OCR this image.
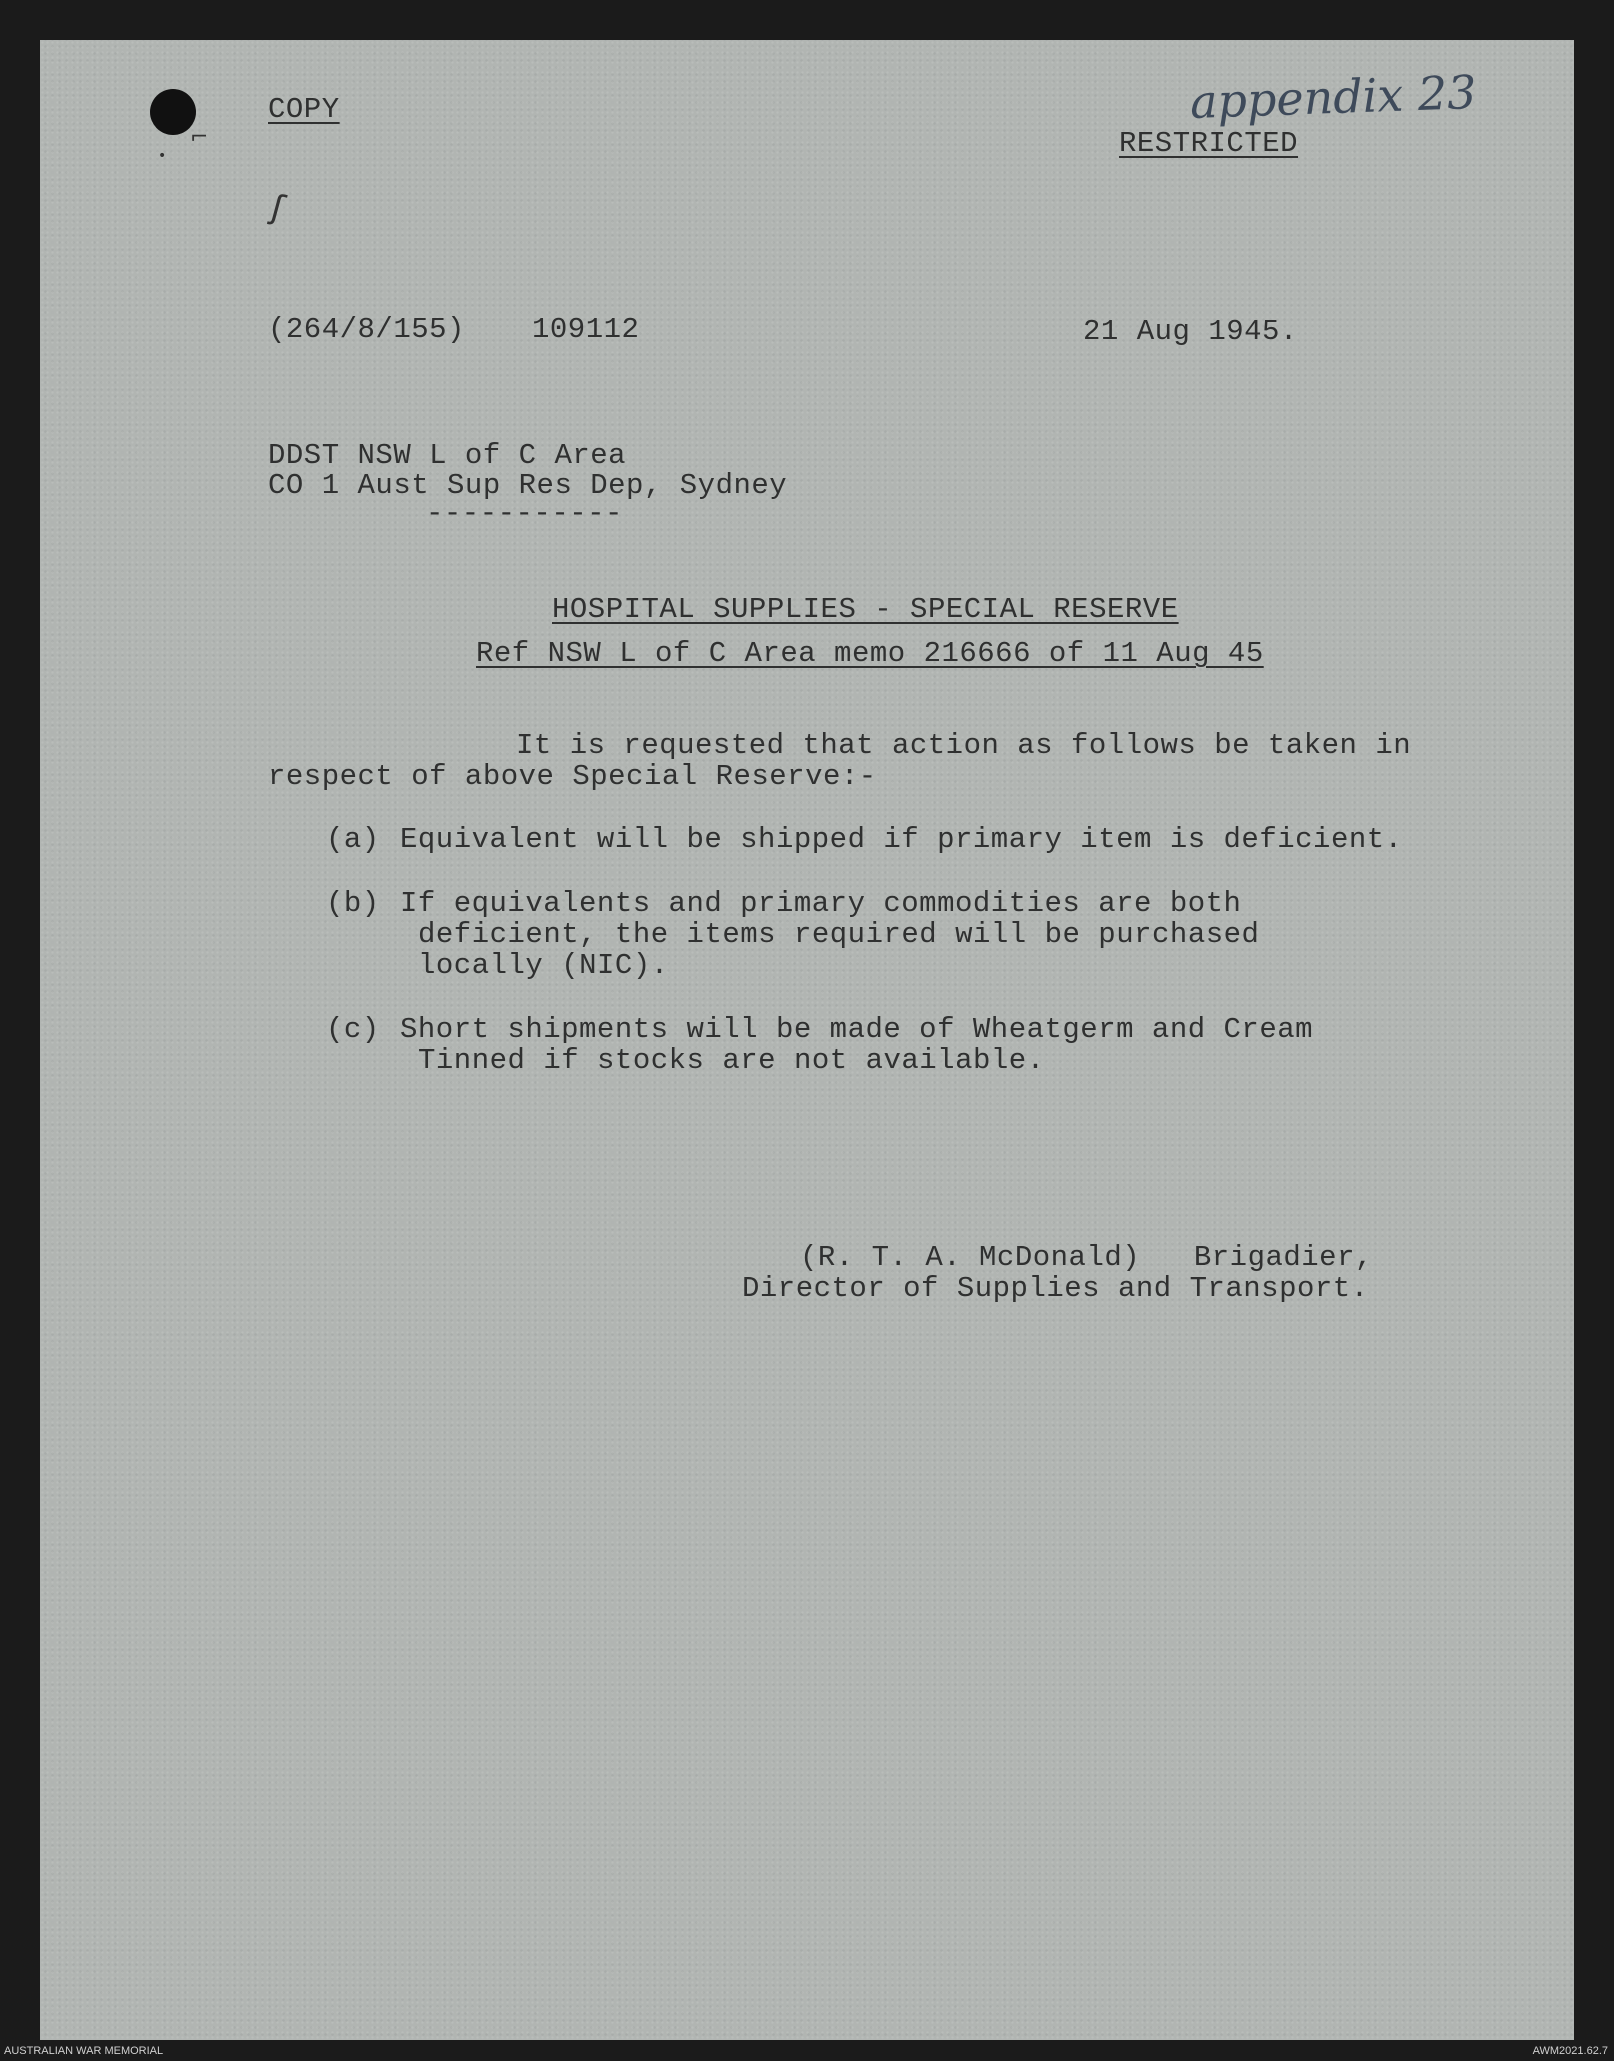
⌐
•
ʃ
COPY
RESTRICTED
appendix 23
(264/8/155) 109112	21 Aug 1945.
DDST NSW L of C Area
CO 1 Aust Sup Res Dep, Sydney
-----------
HOSPITAL SUPPLIES - SPECIAL RESERVE
Ref NSW L of C Area memo 216666 of 11 Aug 45
It is requested that action as follows be taken in
respect of above Special Reserve:-
(a) Equivalent will be shipped if primary item is deficient.
(b) If equivalents and primary commodities are both
deficient, the items required will be purchased
locally (NIC).
(c) Short shipments will be made of Wheatgerm and Cream
Tinned if stocks are not available.
(R. T. A. McDonald)   Brigadier,
Director of Supplies and Transport.
AUSTRALIAN WAR MEMORIAL	AWM2021.62.7
